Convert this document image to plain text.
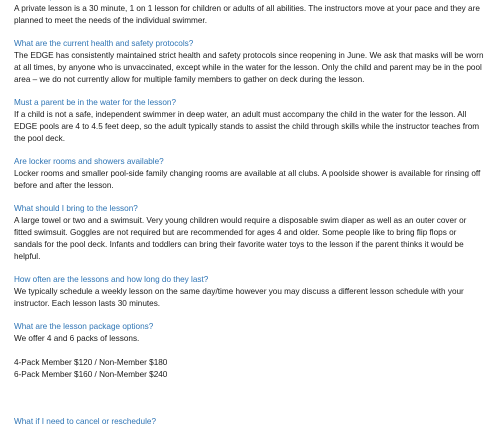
A private lesson is a 30 minute, 1 on 1 lesson for children or adults of all abilities. The instructors move at your pace and they are planned to meet the needs of the individual swimmer.

What are the current health and safety protocols?

The EDGE has consistently maintained strict health and safety protocols since reopening in June. We ask that masks will be worn at all times, by anyone who is unvaccinated, except while in the water for the lesson. Only the child and parent may be in the pool area – we do not currently allow for multiple family members to gather on deck during the lesson.

Must a parent be in the water for the lesson?

If a child is not a safe, independent swimmer in deep water, an adult must accompany the child in the water for the lesson. All EDGE pools are 4 to 4.5 feet deep, so the adult typically stands to assist the child through skills while the instructor teaches from the pool deck.

Are locker rooms and showers available?

Locker rooms and smaller pool-side family changing rooms are available at all clubs. A poolside shower is available for rinsing off before and after the lesson.

What should I bring to the lesson?

A large towel or two and a swimsuit. Very young children would require a disposable swim diaper as well as an outer cover or fitted swimsuit. Goggles are not required but are recommended for ages 4 and older. Some people like to bring flip flops or sandals for the pool deck. Infants and toddlers can bring their favorite water toys to the lesson if the parent thinks it would be helpful.

How often are the lessons and how long do they last?

We typically schedule a weekly lesson on the same day/time however you may discuss a different lesson schedule with your instructor. Each lesson lasts 30 minutes.

What are the lesson package options?

We offer 4 and 6 packs of lessons.

4-Pack Member $120 / Non-Member $180
6-Pack Member $160 / Non-Member $240
What if I need to cancel or reschedule?
